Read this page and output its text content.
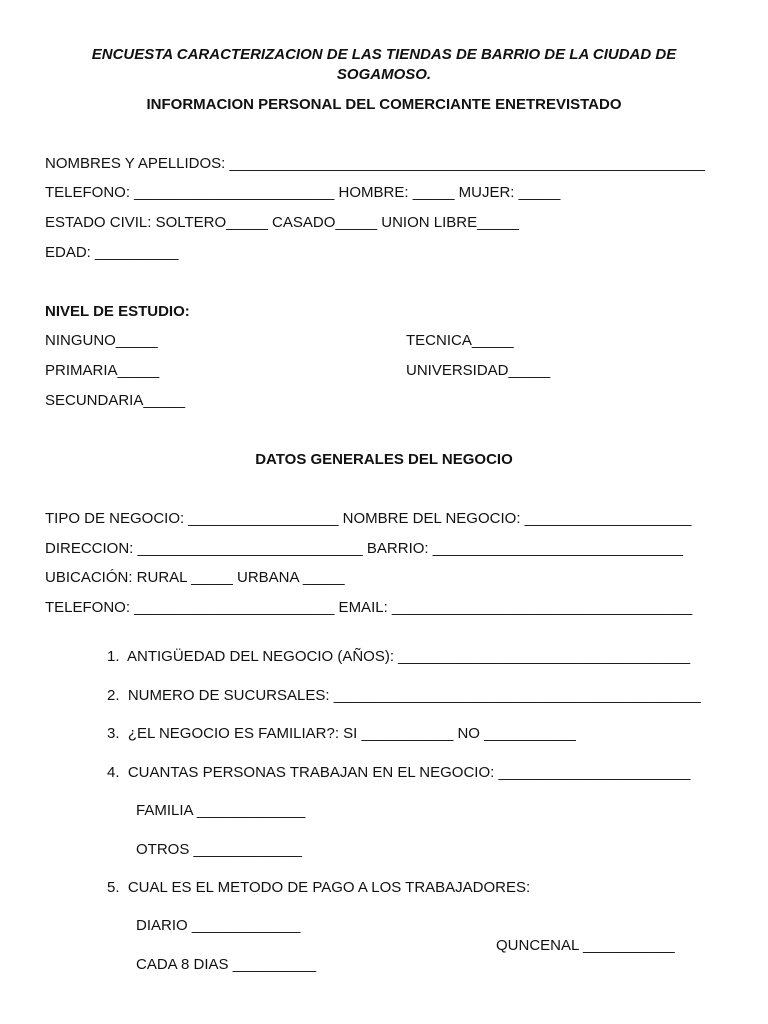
ENCUESTA CARACTERIZACION DE LAS TIENDAS DE BARRIO DE LA CIUDAD DE SOGAMOSO.
INFORMACION PERSONAL DEL COMERCIANTE ENETREVISTADO
NOMBRES Y APELLIDOS: _________________________________________________________
TELEFONO: ________________________ HOMBRE: _____ MUJER: _____
ESTADO CIVIL: SOLTERO_____ CASADO_____ UNION LIBRE_____
EDAD: __________
NIVEL DE ESTUDIO:
NINGUNO_____	TECNICA_____
PRIMARIA_____	UNIVERSIDAD_____
SECUNDARIA_____
DATOS GENERALES DEL NEGOCIO
TIPO DE NEGOCIO: __________________ NOMBRE DEL NEGOCIO: ____________________
DIRECCION: ___________________________ BARRIO: ______________________________
UBICACIÓN: RURAL _____ URBANA _____
TELEFONO: ________________________ EMAIL: ____________________________________
1.  ANTIGÜEDAD DEL NEGOCIO (AÑOS): ___________________________________
2.  NUMERO DE SUCURSALES: ____________________________________________
3.  ¿EL NEGOCIO ES FAMILIAR?: SI ___________ NO ___________
4.  CUANTAS PERSONAS TRABAJAN EN EL NEGOCIO: _______________________
FAMILIA _____________
OTROS _____________
5.  CUAL ES EL METODO DE PAGO A LOS TRABAJADORES:
DIARIO _____________
QUNCENAL ___________
CADA 8 DIAS __________
